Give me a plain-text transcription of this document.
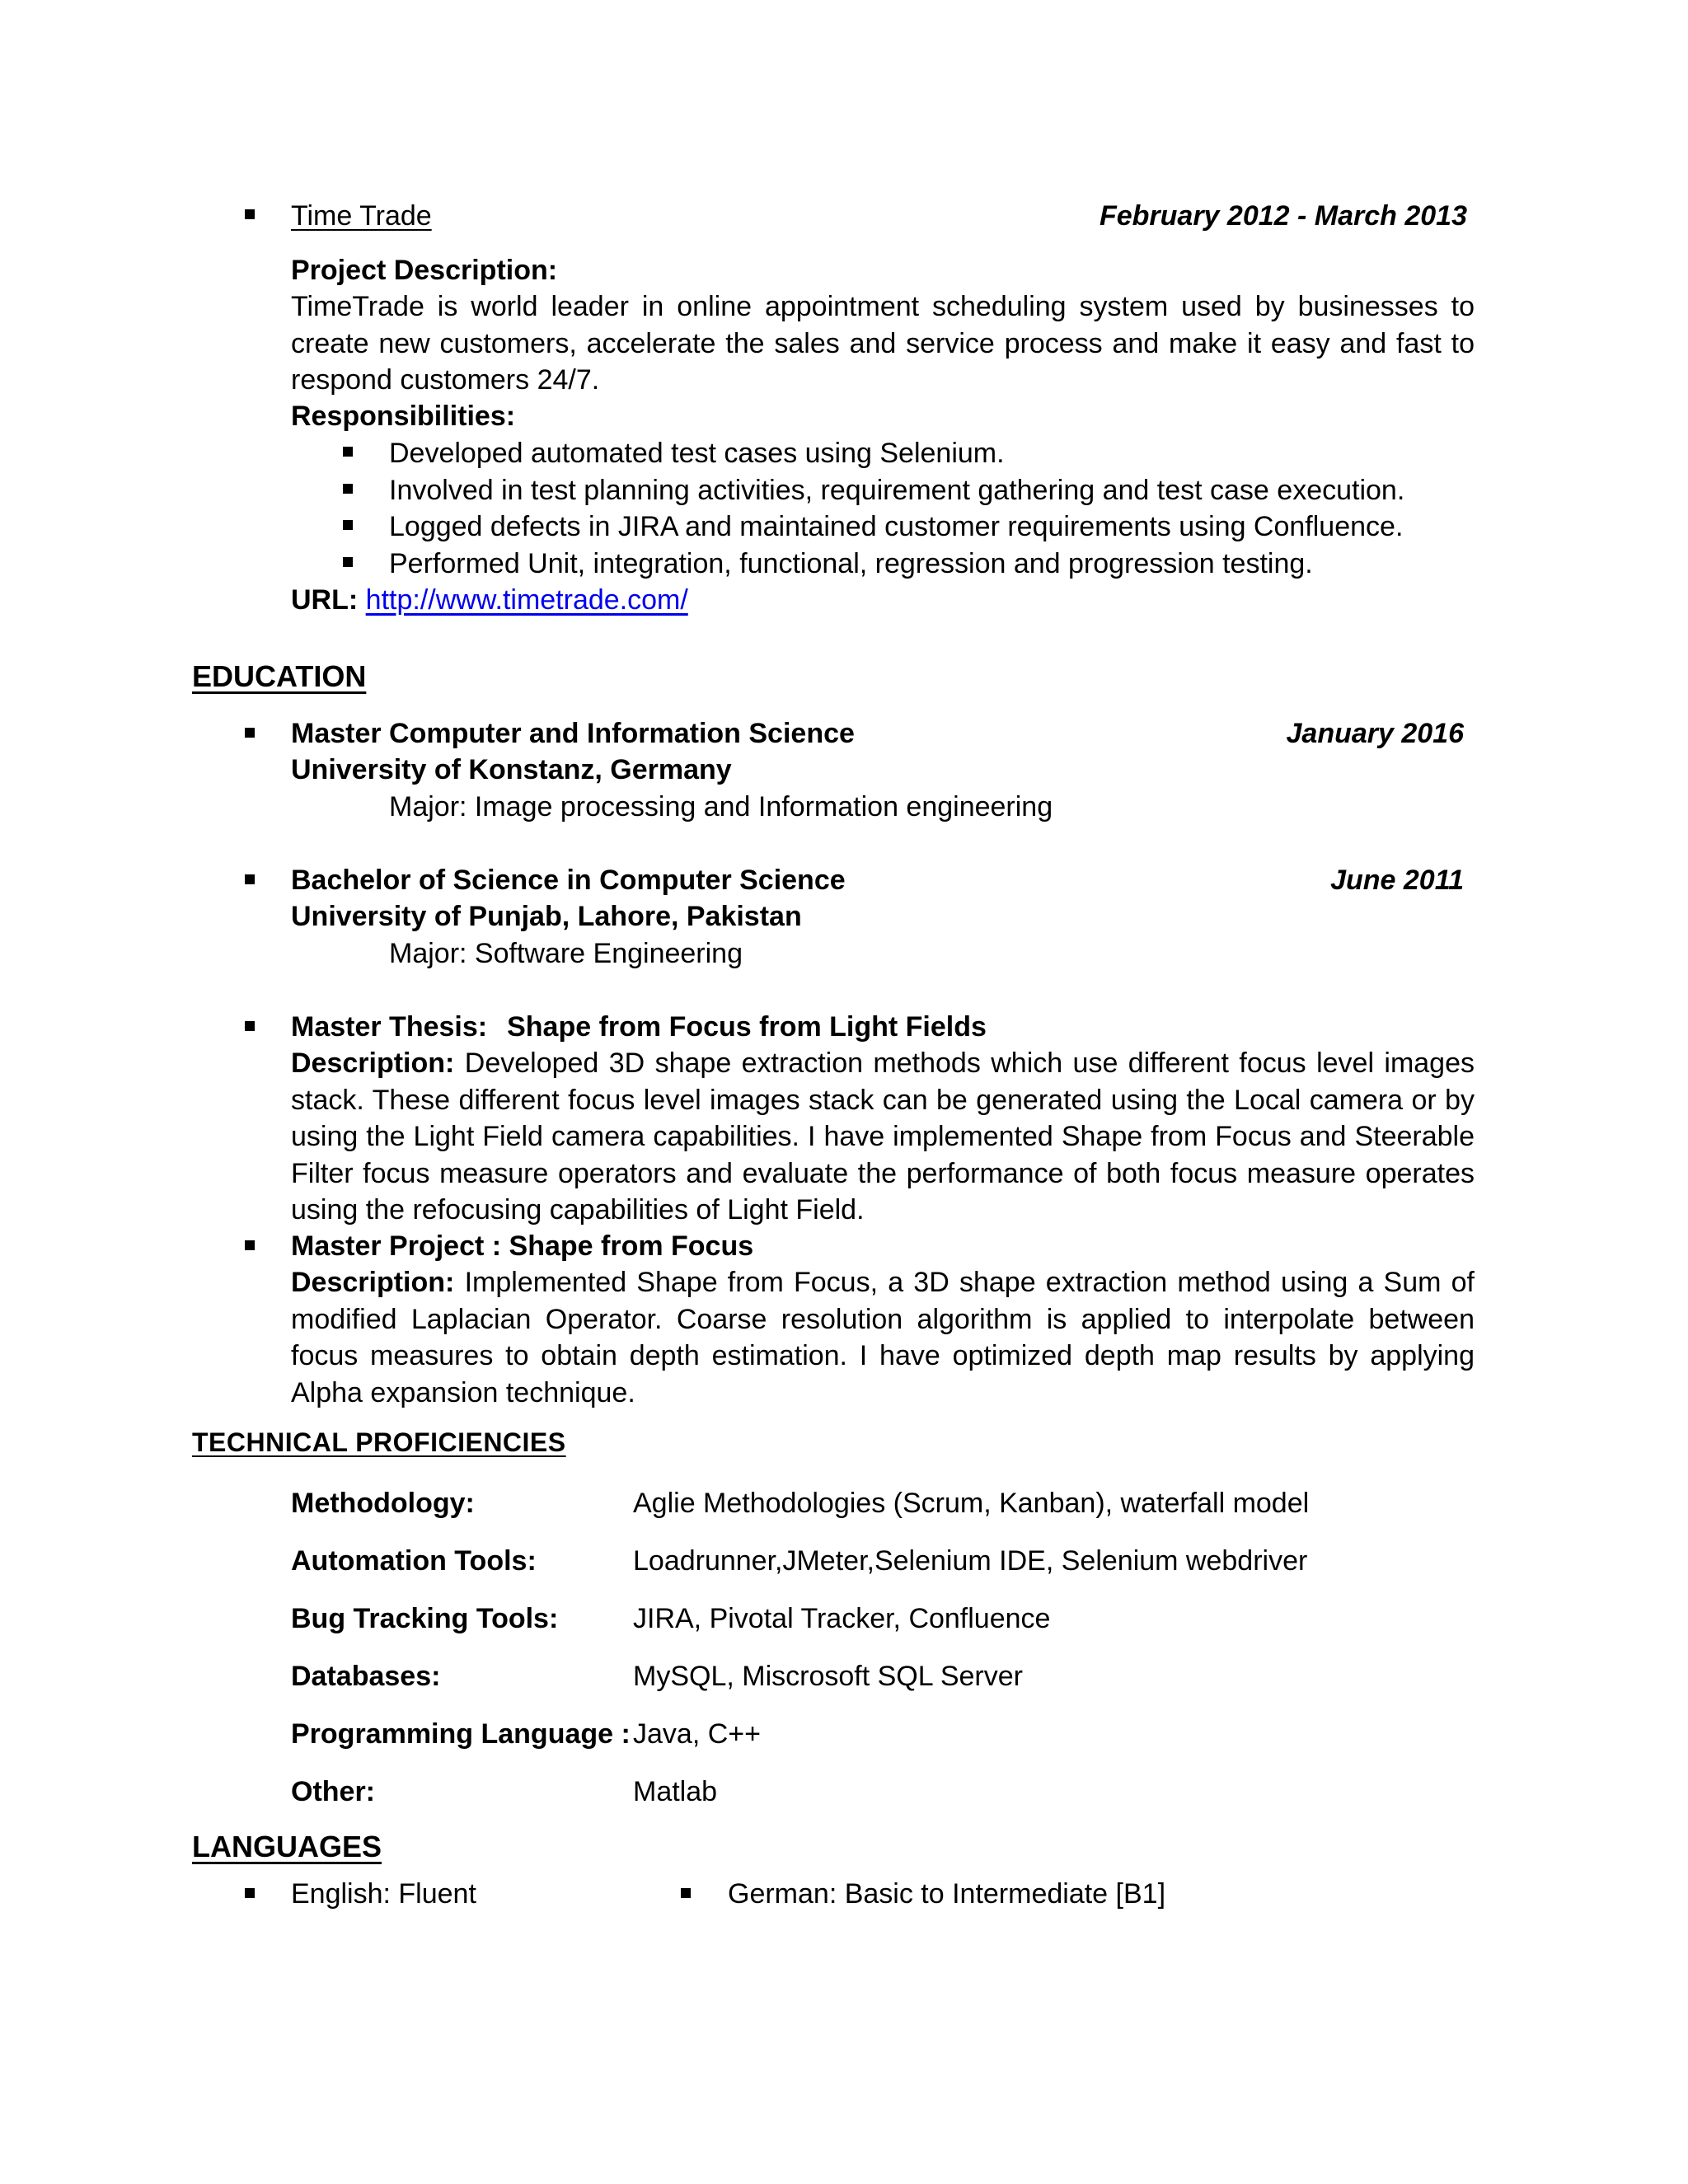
Time Trade	February 2012 - March 2013
Project Description:
TimeTrade is world leader in online appointment scheduling system used by businesses to create new customers, accelerate the sales and service process and make it easy and fast to respond customers 24/7.
Responsibilities:
Developed automated test cases using Selenium.
Involved in test planning activities, requirement gathering and test case execution.
Logged defects in JIRA and maintained customer requirements using Confluence.
Performed Unit, integration, functional, regression and progression testing.
URL: http://www.timetrade.com/
EDUCATION
Master Computer and Information Science	January 2016
University of Konstanz, Germany
Major: Image processing and Information engineering
Bachelor of Science in Computer Science	June 2011
University of Punjab, Lahore, Pakistan
Major: Software Engineering
Master Thesis: Shape from Focus from Light Fields
Description: Developed 3D shape extraction methods which use different focus level images stack. These different focus level images stack can be generated using the Local camera or by using the Light Field camera capabilities. I have implemented Shape from Focus and Steerable Filter focus measure operators and evaluate the performance of both focus measure operates using the refocusing capabilities of Light Field.
Master Project : Shape from Focus
Description: Implemented Shape from Focus, a 3D shape extraction method using a Sum of modified Laplacian Operator. Coarse resolution algorithm is applied to interpolate between focus measures to obtain depth estimation. I have optimized depth map results by applying Alpha expansion technique.
TECHNICAL PROFICIENCIES
Methodology:	Aglie Methodologies (Scrum, Kanban), waterfall model
Automation Tools:	Loadrunner,JMeter,Selenium IDE, Selenium webdriver
Bug Tracking Tools:	JIRA, Pivotal Tracker, Confluence
Databases:	MySQL, Miscrosoft SQL Server
Programming Language : Java, C++
Other:	Matlab
LANGUAGES
English: Fluent	German: Basic to Intermediate [B1]
